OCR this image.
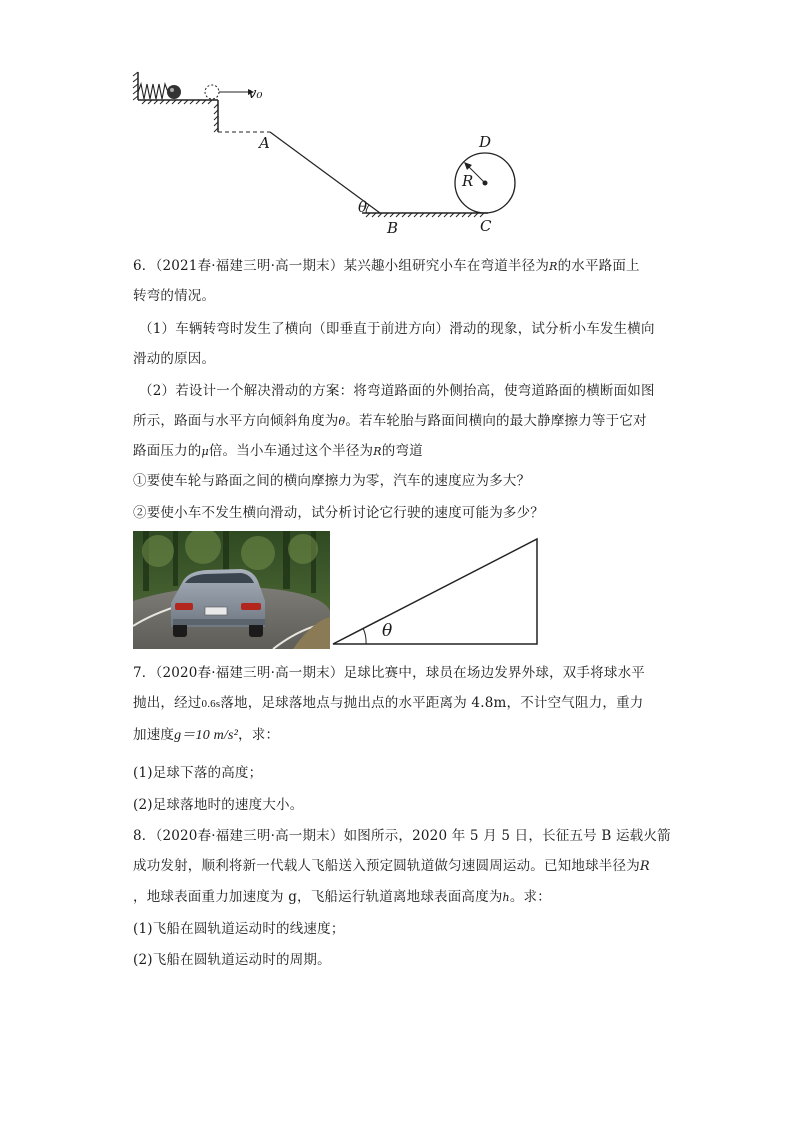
v₀
A	D
R
θ
B	C
6．（2021春·福建三明·高一期末）某兴趣小组研究小车在弯道半径为R的水平路面上
转弯的情况。
（1）车辆转弯时发生了横向（即垂直于前进方向）滑动的现象，试分析小车发生横向
滑动的原因。
（2）若设计一个解决滑动的方案：将弯道路面的外侧抬高，使弯道路面的横断面如图
所示，路面与水平方向倾斜角度为θ。若车轮胎与路面间横向的最大静摩擦力等于它对
路面压力的μ倍。当小车通过这个半径为R的弯道
①要使车轮与路面之间的横向摩擦力为零，汽车的速度应为多大？
②要使小车不发生横向滑动，试分析讨论它行驶的速度可能为多少？
θ
7．（2020春·福建三明·高一期末）足球比赛中，球员在场边发界外球，双手将球水平
抛出，经过0.6s落地，足球落地点与抛出点的水平距离为 4.8m，不计空气阻力，重力
加速度g＝10 m/s²，求：
(1)足球下落的高度；
(2)足球落地时的速度大小。
8．（2020春·福建三明·高一期末）如图所示，2020 年 5 月 5 日，长征五号 B 运载火箭
成功发射，顺利将新一代载人飞船送入预定圆轨道做匀速圆周运动。已知地球半径为R
，地球表面重力加速度为 g，飞船运行轨道离地球表面高度为h。求：
(1)飞船在圆轨道运动时的线速度；
(2)飞船在圆轨道运动时的周期。
